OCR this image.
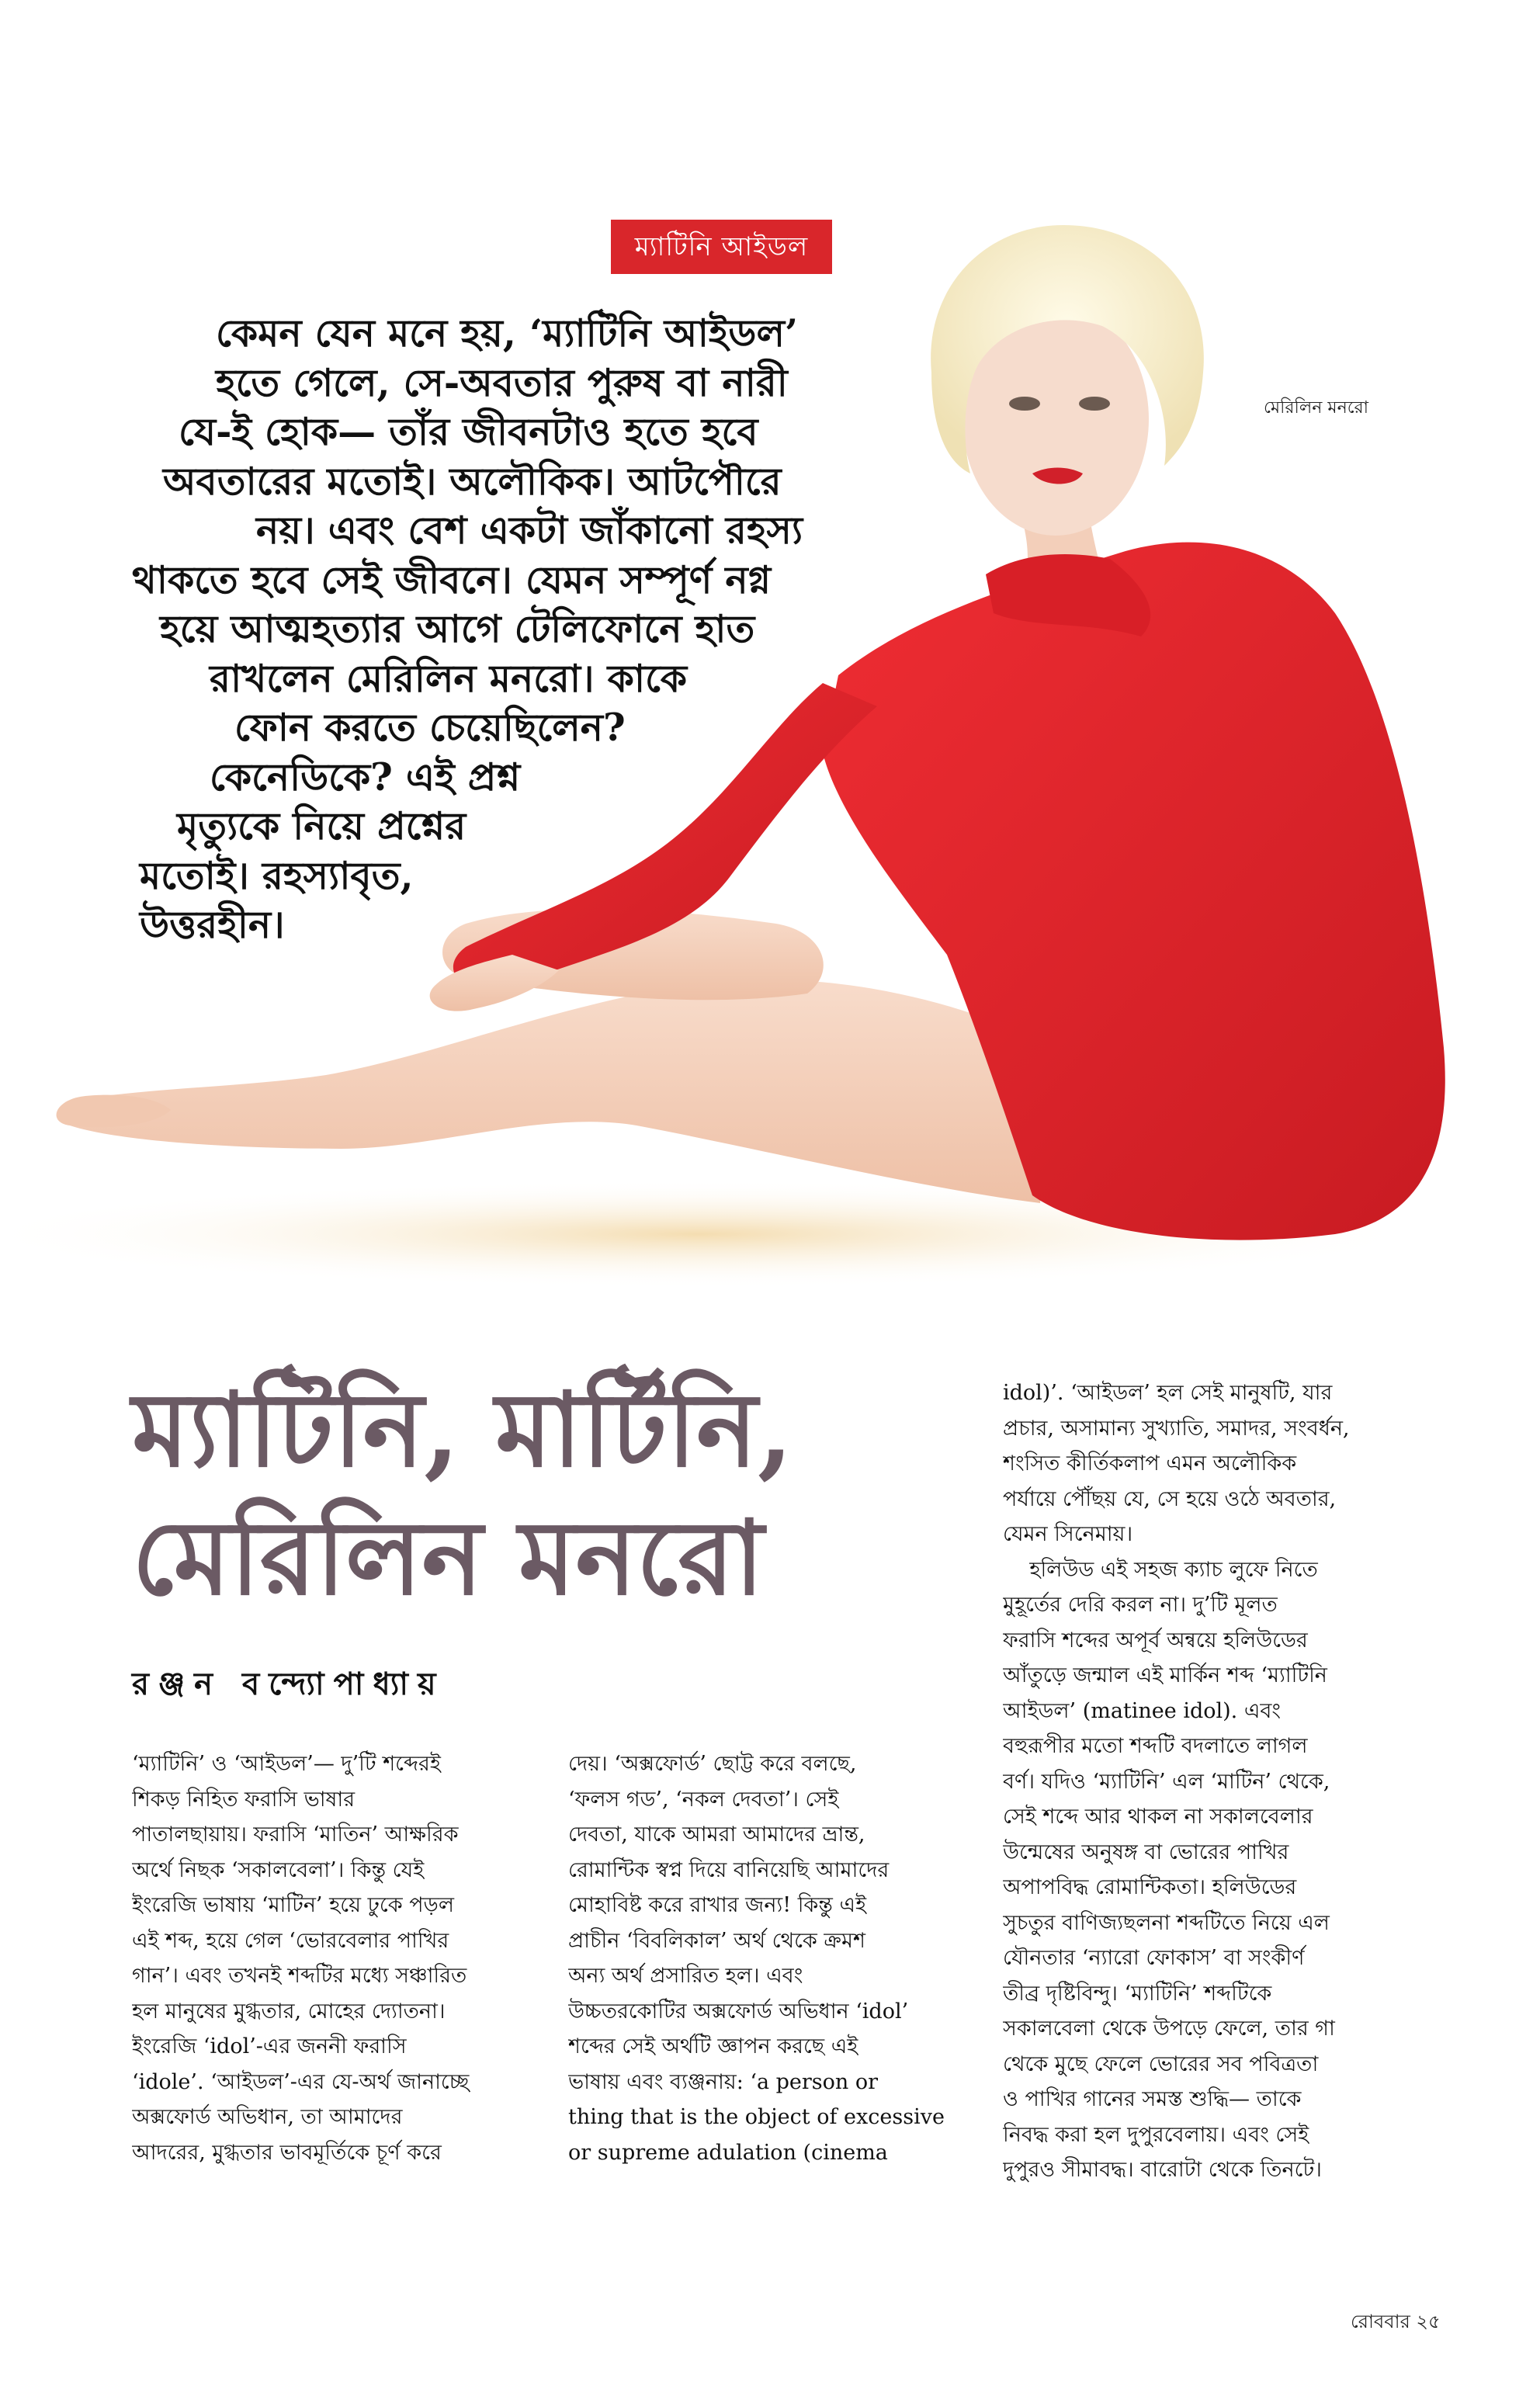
ম্যাটিনি আইডল
মেরিলিন মনরো
কেমন যেন মনে হয়, ‘ম্যাটিনি আইডল’
হতে গেলে, সে-অবতার পুরুষ বা নারী
যে-ই হোক— তাঁর জীবনটাও হতে হবে
অবতারের মতোই। অলৌকিক। আটপৌরে
নয়। এবং বেশ একটা জাঁকানো রহস্য
থাকতে হবে সেই জীবনে। যেমন সম্পূর্ণ নগ্ন
হয়ে আত্মহত্যার আগে টেলিফোনে হাত
রাখলেন মেরিলিন মনরো। কাকে
ফোন করতে চেয়েছিলেন?
কেনেডিকে? এই প্রশ্ন
মৃত্যুকে নিয়ে প্রশ্নের
মতোই। রহস্যাবৃত,
উত্তরহীন।
ম্যাটিনি, মার্টিনি,
মেরিলিন মনরো
রঞ্জন বন্দ্যোপাধ্যায়
‘ম্যাটিনি’ ও ‘আইডল’— দু’টি শব্দেরই
শিকড় নিহিত ফরাসি ভাষার
পাতালছায়ায়। ফরাসি ‘মাতিন’ আক্ষরিক
অর্থে নিছক ‘সকালবেলা’। কিন্তু যেই
ইংরেজি ভাষায় ‘মাটিন’ হয়ে ঢুকে পড়ল
এই শব্দ, হয়ে গেল ‘ভোরবেলার পাখির
গান’। এবং তখনই শব্দটির মধ্যে সঞ্চারিত
হল মানুষের মুগ্ধতার, মোহের দ্যোতনা।
ইংরেজি ‘idol’-এর জননী ফরাসি
‘idole’. ‘আইডল’-এর যে-অর্থ জানাচ্ছে
অক্সফোর্ড অভিধান, তা আমাদের
আদরের, মুগ্ধতার ভাবমূর্তিকে চূর্ণ করে
দেয়। ‘অক্সফোর্ড’ ছোট্ট করে বলছে,
‘ফলস গড’, ‘নকল দেবতা’। সেই
দেবতা, যাকে আমরা আমাদের ভ্রান্ত,
রোমান্টিক স্বপ্ন দিয়ে বানিয়েছি আমাদের
মোহাবিষ্ট করে রাখার জন্য! কিন্তু এই
প্রাচীন ‘বিবলিকাল’ অর্থ থেকে ক্রমশ
অন্য অর্থ প্রসারিত হল। এবং
উচ্চতরকোটির অক্সফোর্ড অভিধান ‘idol’
শব্দের সেই অর্থটি জ্ঞাপন করছে এই
ভাষায় এবং ব্যঞ্জনায়: ‘a person or
thing that is the object of excessive
or supreme adulation (cinema
idol)’. ‘আইডল’ হল সেই মানুষটি, যার
প্রচার, অসামান্য সুখ্যাতি, সমাদর, সংবর্ধন,
শংসিত কীর্তিকলাপ এমন অলৌকিক
পর্যায়ে পৌঁছয় যে, সে হয়ে ওঠে অবতার,
যেমন সিনেমায়।
হলিউড এই সহজ ক্যাচ লুফে নিতে
মুহূর্তের দেরি করল না। দু’টি মূলত
ফরাসি শব্দের অপূর্ব অন্বয়ে হলিউডের
আঁতুড়ে জন্মাল এই মার্কিন শব্দ ‘ম্যাটিনি
আইডল’ (matinee idol). এবং
বহুরূপীর মতো শব্দটি বদলাতে লাগল
বর্ণ। যদিও ‘ম্যাটিনি’ এল ‘মাটিন’ থেকে,
সেই শব্দে আর থাকল না সকালবেলার
উন্মেষের অনুষঙ্গ বা ভোরের পাখির
অপাপবিদ্ধ রোমান্টিকতা। হলিউডের
সুচতুর বাণিজ্যছলনা শব্দটিতে নিয়ে এল
যৌনতার ‘ন্যারো ফোকাস’ বা সংকীর্ণ
তীব্র দৃষ্টিবিন্দু। ‘ম্যাটিনি’ শব্দটিকে
সকালবেলা থেকে উপড়ে ফেলে, তার গা
থেকে মুছে ফেলে ভোরের সব পবিত্রতা
ও পাখির গানের সমস্ত শুদ্ধি— তাকে
নিবদ্ধ করা হল দুপুরবেলায়। এবং সেই
দুপুরও সীমাবদ্ধ। বারোটা থেকে তিনটে।
রোববার ২৫
